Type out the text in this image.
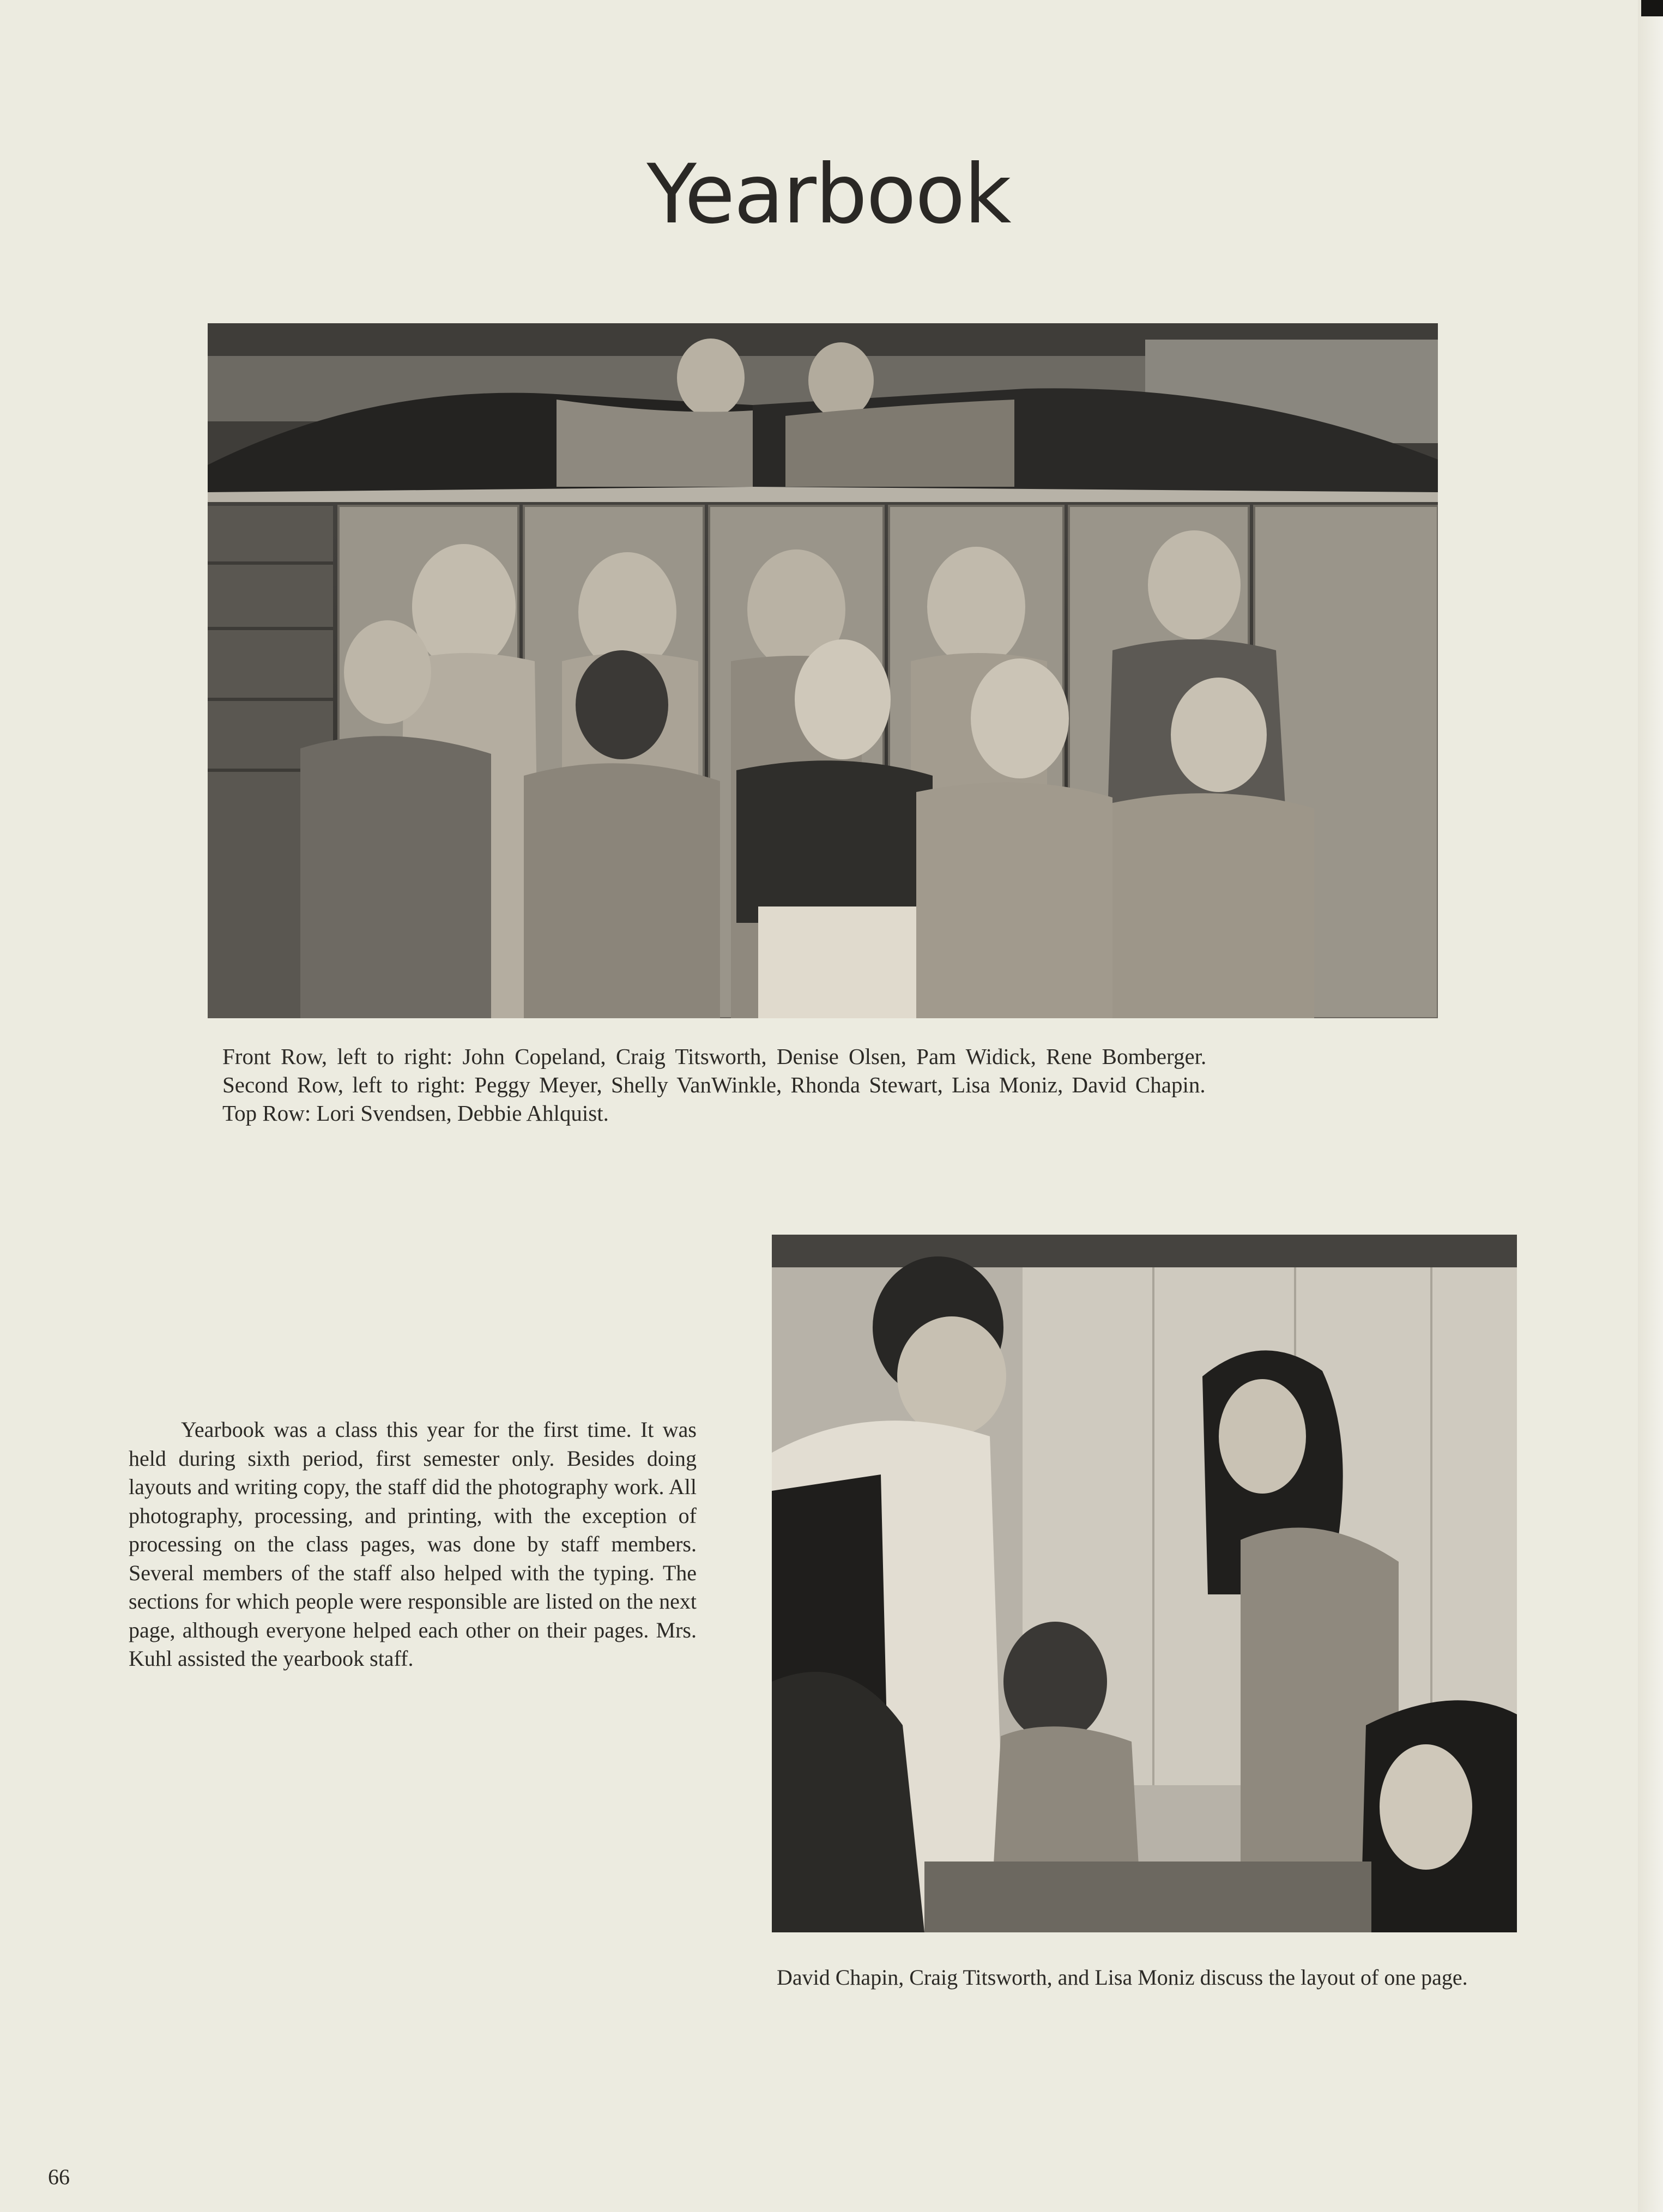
Yearbook
Front Row, left to right: John Copeland, Craig Titsworth, Denise Olsen, Pam Widick, Rene Bomberger.
Second Row, left to right: Peggy Meyer, Shelly VanWinkle, Rhonda Stewart, Lisa Moniz, David Chapin.
Top Row: Lori Svendsen, Debbie Ahlquist.
Yearbook was a class this year for the first time. It was held during sixth period, first semester only. Besides doing layouts and writing copy, the staff did the photography work. All photography, processing, and printing, with the exception of processing on the class pages, was done by staff members. Several members of the staff also helped with the typing. The sections for which people were responsible are listed on the next page, although everyone helped each other on their pages. Mrs. Kuhl assisted the yearbook staff.
David Chapin, Craig Titsworth, and Lisa Moniz discuss the layout of one page.
66
